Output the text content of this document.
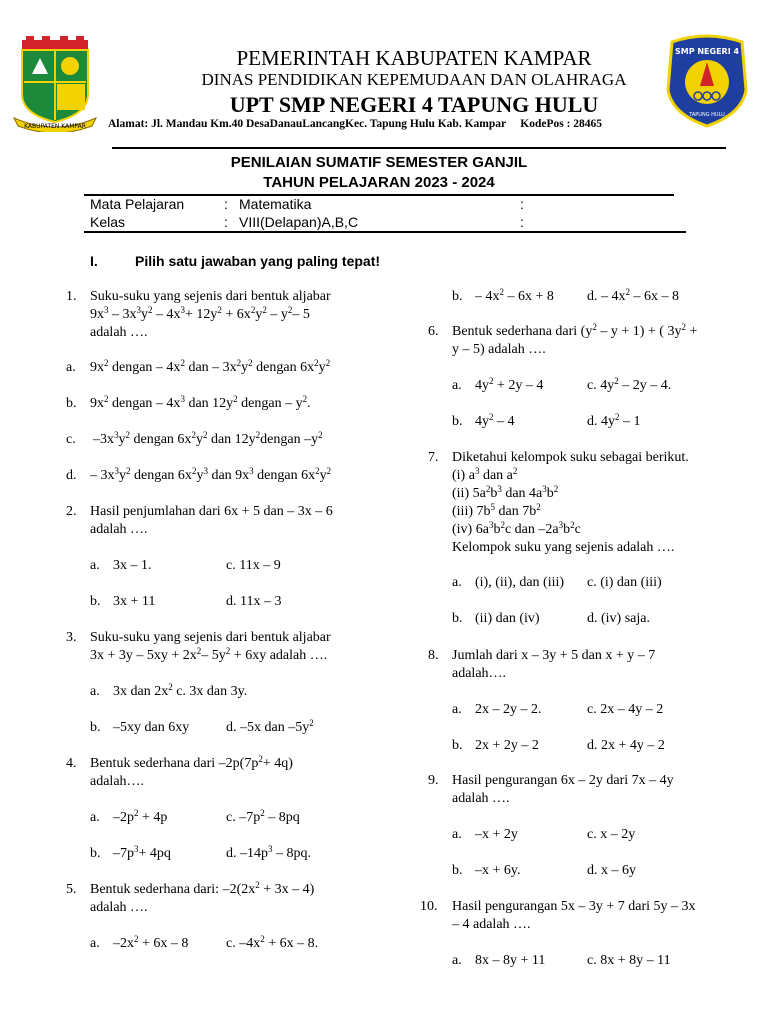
KABUPATEN KAMPAR
SMP NEGERI 4
TAPUNG HULU
PEMERINTAH KABUPATEN KAMPAR
DINAS PENDIDIKAN KEPEMUDAAN DAN OLAHRAGA
UPT SMP NEGERI 4 TAPUNG HULU
Alamat: Jl. Mandau Km.40 DesaDanauLancangKec. Tapung Hulu Kab. Kampar     KodePos : 28465
PENILAIAN SUMATIF SEMESTER GANJIL
TAHUN PELAJARAN 2023 - 2024
Mata Pelajaran	: Matematika	:
Kelas	: VIII(Delapan)A,B,C	:
I.	Pilih satu jawaban yang paling tepat!
1. Suku-suku yang sejenis dari bentuk aljabar
$9x^3 - 3x^3y^2 - 4x^3+ 12y^2 + 6x^2y^2 - y^2-$ 5
adalah ….
a. $9x^2$ dengan – $4x^2$ dan – $3x^2y^2$ dengan $6x^2y^2$
b. $9x^2$ dengan – $4x^3$ dan $12y^2$ dengan – $y^2$.
c. $-3x^3y^2$ dengan $6x^2y^2$ dan $12y^2dengan$ $-y^2$
d. – $3x^3y^2$ dengan $6x^2y^3$ dan $9x^3$ dengan $6x^2y^2$
2. Hasil penjumlahan dari 6x + 5 dan – 3x – 6
adalah ….
a. 3x – 1.	c. 11x – 9
b. 3x + 11	d. 11x – 3
3. Suku-suku yang sejenis dari bentuk aljabar
$3x + 3y - 5xy + 2x^2-$ $5y^2 + 6xy$ adalah ….
a. 3x dan $2x^2$ c. 3x dan 3y.
b. –5xy dan 6xy	d. –5x dan $-5y^2$
4. Bentuk sederhana dari $-2p(7p^2+ 4q)$
adalah….
a. $-2p^2 + 4p$	c. $-7p^2 - 8pq$
b. $-7p^3+ 4pq$	d. $-14p^3 - 8pq$.
5. Bentuk sederhana dari: $-2(2x^2 + 3x - 4)$
adalah ….
a. $-2x^2 + 6x - 8$	c. $-4x^2 + 6x - 8$.
b. – $4x^2 - 6x + 8$ d. – $4x^2 - 6x - 8$
6. Bentuk sederhana dari $(y^2 - y + 1)$ + ( $3y^2$ +
y – 5) adalah ….
a. $4y^2 + 2y - 4$	c. $4y^2 - 2y - 4$.
b. $4y^2 - 4$	d. $4y^2 - 1$
7. Diketahui kelompok suku sebagai berikut.
(i) $a^3$ dan $a^2$
(ii) $5a^2b^3$ dan $4a^3b^2$
(iii) $7b^5$ dan $7b^2$
(iv) $6a^3b^2c$ dan $-2a^3b^2c$
Kelompok suku yang sejenis adalah ….
a. (i), (ii), dan (iii) c. (i) dan (iii)
b. (ii) dan (iv)	d. (iv) saja.
8. Jumlah dari x – 3y + 5 dan x + y – 7
adalah….
a. 2x – 2y – 2.	c. 2x – 4y – 2
b. 2x + 2y – 2	d. 2x + 4y – 2
9. Hasil pengurangan 6x – 2y dari 7x – 4y
adalah ….
a. –x + 2y	c. x – 2y
b. –x + 6y.	d. x – 6y
10. Hasil pengurangan 5x – 3y + 7 dari 5y – 3x
– 4 adalah ….
a. 8x – 8y + 11	c. 8x + 8y – 11
